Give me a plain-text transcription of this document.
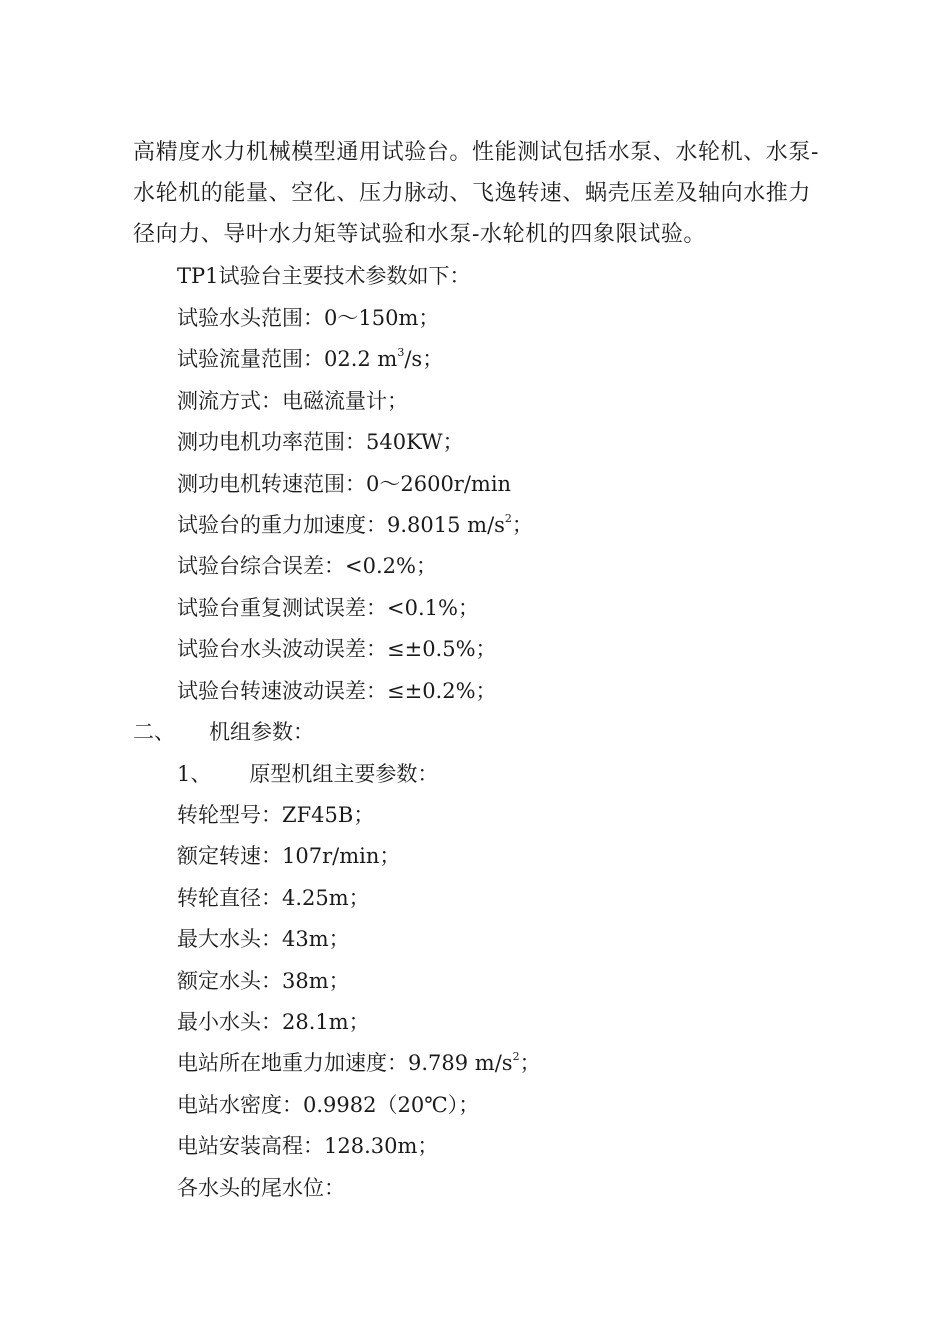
高精度水力机械模型通用试验台。性能测试包括水泵、水轮机、水泵-
水轮机的能量、空化、压力脉动、飞逸转速、蜗壳压差及轴向水推力
径向力、导叶水力矩等试验和水泵-水轮机的四象限试验。
TP1试验台主要技术参数如下：
试验水头范围：0～150m；
试验流量范围：02.2 $m^3/s$；
测流方式：电磁流量计；
测功电机功率范围：540KW；
测功电机转速范围：0～2600r/min
试验台的重力加速度：9.8015 $m/s^2$；
试验台综合误差：<0.2%；
试验台重复测试误差：<0.1%；
试验台水头波动误差：≤±0.5%；
试验台转速波动误差：≤±0.2%；
二、 机组参数：
1、 原型机组主要参数：
转轮型号：ZF45B；
额定转速：107r/min；
转轮直径：4.25m；
最大水头：43m；
额定水头：38m；
最小水头：28.1m；
电站所在地重力加速度：9.789 $m/s^2$；
电站水密度：0.9982（20℃）；
电站安装高程：128.30m；
各水头的尾水位：
